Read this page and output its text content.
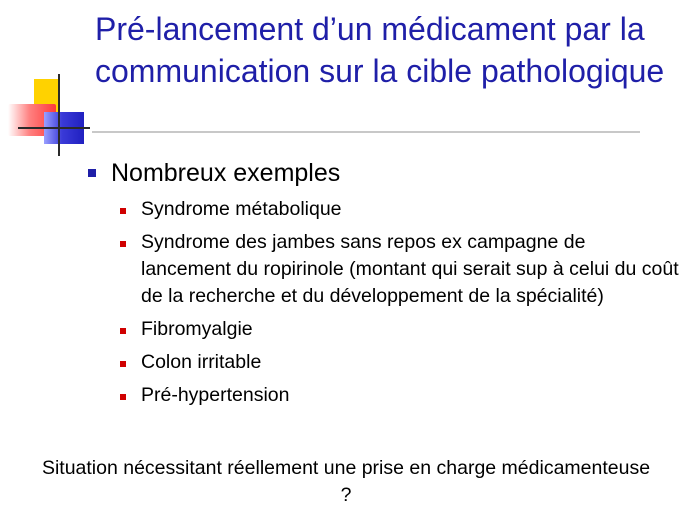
Pré-lancement d’un médicament par la communication sur la cible pathologique
Nombreux exemples
Syndrome métabolique
Syndrome des jambes sans repos ex campagne de lancement du ropirinole (montant qui serait sup à celui du coût de la recherche et du développement de la spécialité)
Fibromyalgie
Colon irritable
Pré-hypertension
Situation nécessitant réellement une prise en charge médicamenteuse ?
